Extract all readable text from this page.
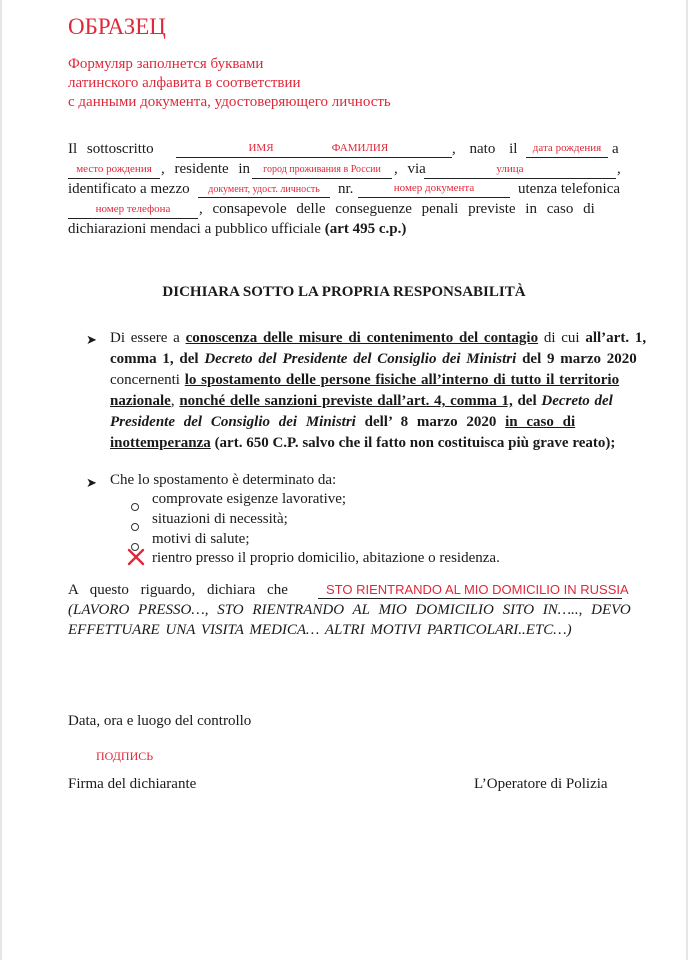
ОБРАЗЕЦ
Формуляр заполнется буквами
латинского алфавита в соответствии
с данными документа, удостоверяющего личность
Il sottoscritto	ИМЯ	ФАМИЛИЯ	, nato il	дата рождения a
место рождения , residente in	город проживания в России , via	улица	,
identificato a mezzo	документ, удост. личность	nr.	номер документа	utenza telefonica
номер телефона	, consapevole delle conseguenze penali previste in caso di
dichiarazioni mendaci a pubblico ufficiale (art 495 c.p.)
DICHIARA SOTTO LA PROPRIA RESPONSABILITÀ
➤ Di essere a conoscenza delle misure di contenimento del contagio di cui all’art. 1,
comma 1, del Decreto del Presidente del Consiglio dei Ministri del 9 marzo 2020
concernenti lo spostamento delle persone fisiche all’interno di tutto il territorio
nazionale, nonché delle sanzioni previste dall’art. 4, comma 1, del Decreto del
Presidente del Consiglio dei Ministri dell’ 8 marzo 2020 in caso di
inottemperanza (art. 650 C.P. salvo che il fatto non costituisca più grave reato);
➤ Che lo spostamento è determinato da:
comprovate esigenze lavorative;
situazioni di necessità;
motivi di salute;
rientro presso il proprio domicilio, abitazione o residenza.
A questo riguardo, dichiara che	STO RIENTRANDO AL MIO DOMICILIO IN RUSSIA
(LAVORO PRESSO…, STO RIENTRANDO AL MIO DOMICILIO SITO IN….., DEVO
EFFETTUARE UNA VISITA MEDICA… ALTRI MOTIVI PARTICOLARI..ETC…)
Data, ora e luogo del controllo
ПОДПИСЬ
Firma del dichiarante	L’Operatore di Polizia
